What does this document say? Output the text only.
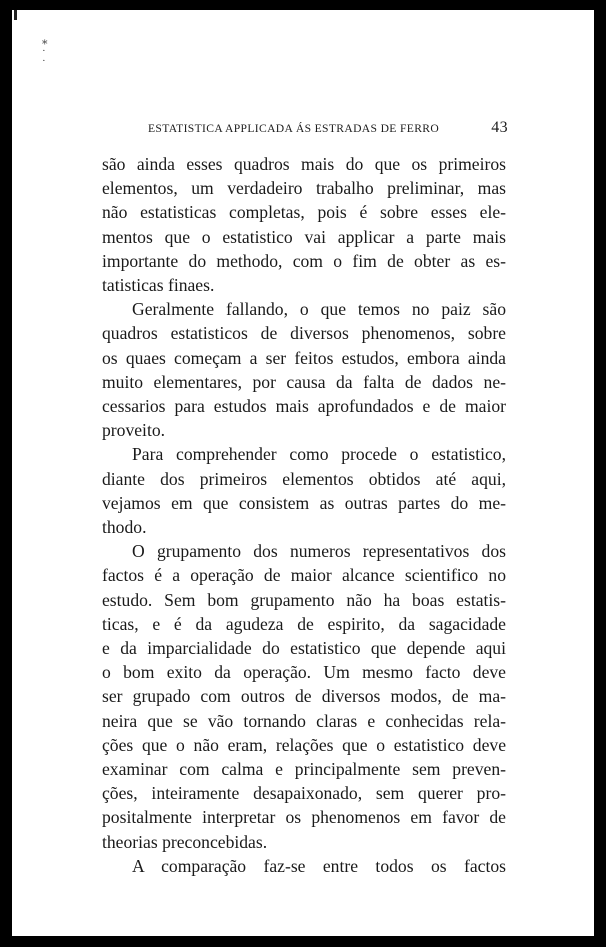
⁎
·
·
ESTATISTICA APPLICADA ÁS ESTRADAS DE FERRO	43
são ainda esses quadros mais do que os primeiros
elementos, um verdadeiro trabalho preliminar, mas
não estatisticas completas, pois é sobre esses ele-
mentos que o estatistico vai applicar a parte mais
importante do methodo, com o fim de obter as es-
tatisticas finaes.
Geralmente fallando, o que temos no paiz são
quadros estatisticos de diversos phenomenos, sobre
os quaes começam a ser feitos estudos, embora ainda
muito elementares, por causa da falta de dados ne-
cessarios para estudos mais aprofundados e de maior
proveito.
Para comprehender como procede o estatistico,
diante dos primeiros elementos obtidos até aqui,
vejamos em que consistem as outras partes do me-
thodo.
O grupamento dos numeros representativos dos
factos é a operação de maior alcance scientifico no
estudo. Sem bom grupamento não ha boas estatis-
ticas, e é da agudeza de espirito, da sagacidade
e da imparcialidade do estatistico que depende aqui
o bom exito da operação. Um mesmo facto deve
ser grupado com outros de diversos modos, de ma-
neira que se vão tornando claras e conhecidas rela-
ções que o não eram, relações que o estatistico deve
examinar com calma e principalmente sem preven-
ções, inteiramente desapaixonado, sem querer pro-
positalmente interpretar os phenomenos em favor de
theorias preconcebidas.
A comparação faz-se entre todos os factos
